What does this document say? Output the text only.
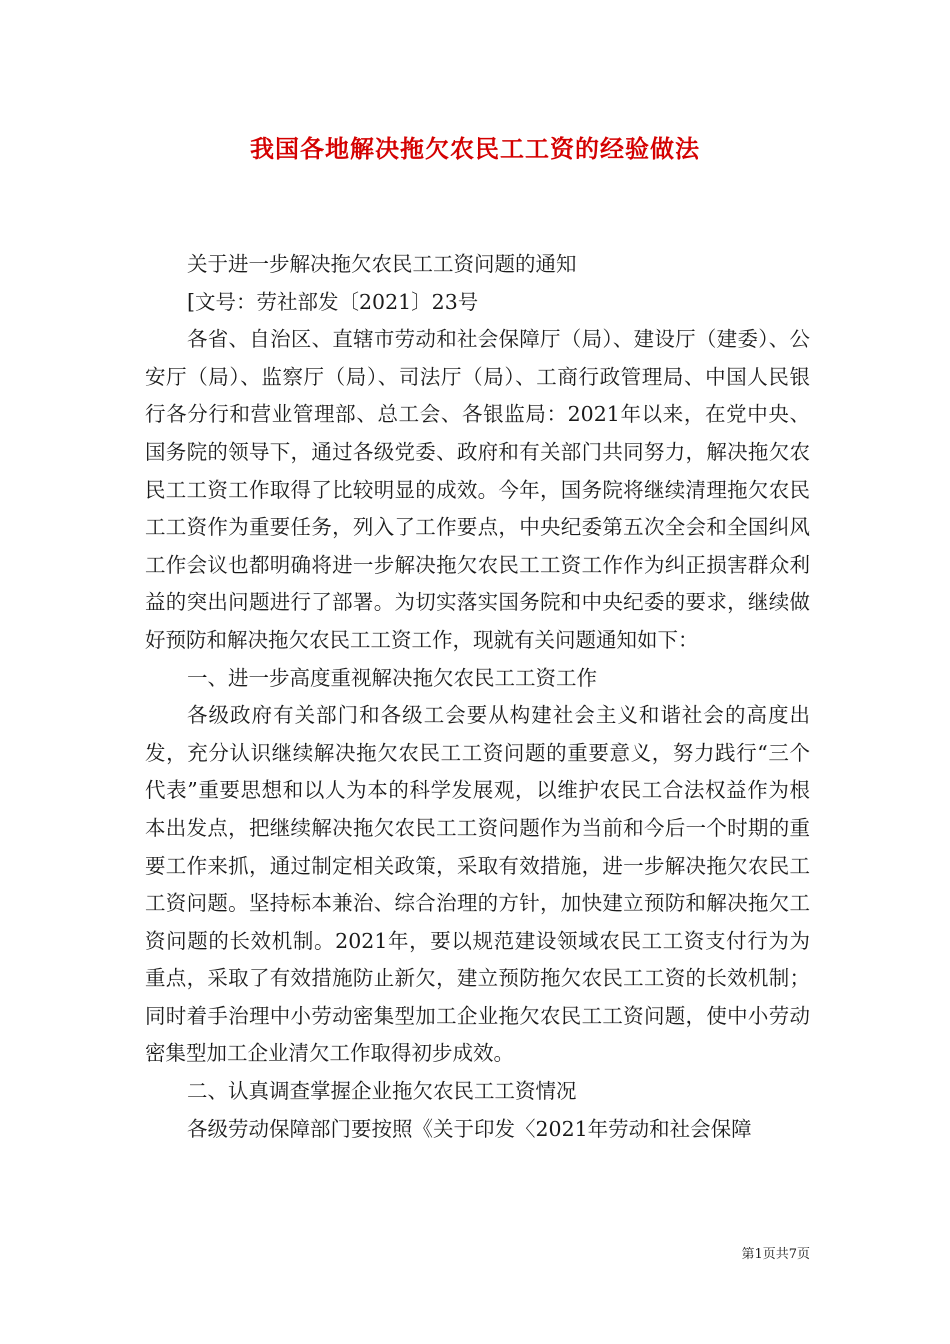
我国各地解决拖欠农民工工资的经验做法

关于进一步解决拖欠农民工工资问题的通知

[文号：劳社部发〔2021〕23号

各省、自治区、直辖市劳动和社会保障厅（局）、建设厅（建委）、公安厅（局）、监察厅（局）、司法厅（局）、工商行政管理局、中国人民银行各分行和营业管理部、总工会、各银监局：2021年以来，在党中央、国务院的领导下，通过各级党委、政府和有关部门共同努力，解决拖欠农民工工资工作取得了比较明显的成效。今年，国务院将继续清理拖欠农民工工资作为重要任务，列入了工作要点，中央纪委第五次全会和全国纠风工作会议也都明确将进一步解决拖欠农民工工资工作作为纠正损害群众利益的突出问题进行了部署。为切实落实国务院和中央纪委的要求，继续做好预防和解决拖欠农民工工资工作，现就有关问题通知如下：

一、进一步高度重视解决拖欠农民工工资工作

各级政府有关部门和各级工会要从构建社会主义和谐社会的高度出发，充分认识继续解决拖欠农民工工资问题的重要意义，努力践行“三个代表”重要思想和以人为本的科学发展观，以维护农民工合法权益作为根本出发点，把继续解决拖欠农民工工资问题作为当前和今后一个时期的重要工作来抓，通过制定相关政策，采取有效措施，进一步解决拖欠农民工工资问题。坚持标本兼治、综合治理的方针，加快建立预防和解决拖欠工资问题的长效机制。2021年，要以规范建设领域农民工工资支付行为为重点，采取了有效措施防止新欠，建立预防拖欠农民工工资的长效机制；同时着手治理中小劳动密集型加工企业拖欠农民工工资问题，使中小劳动密集型加工企业清欠工作取得初步成效。

二、认真调查掌握企业拖欠农民工工资情况

各级劳动保障部门要按照《关于印发〈2021年劳动和社会保障

第1页共7页
